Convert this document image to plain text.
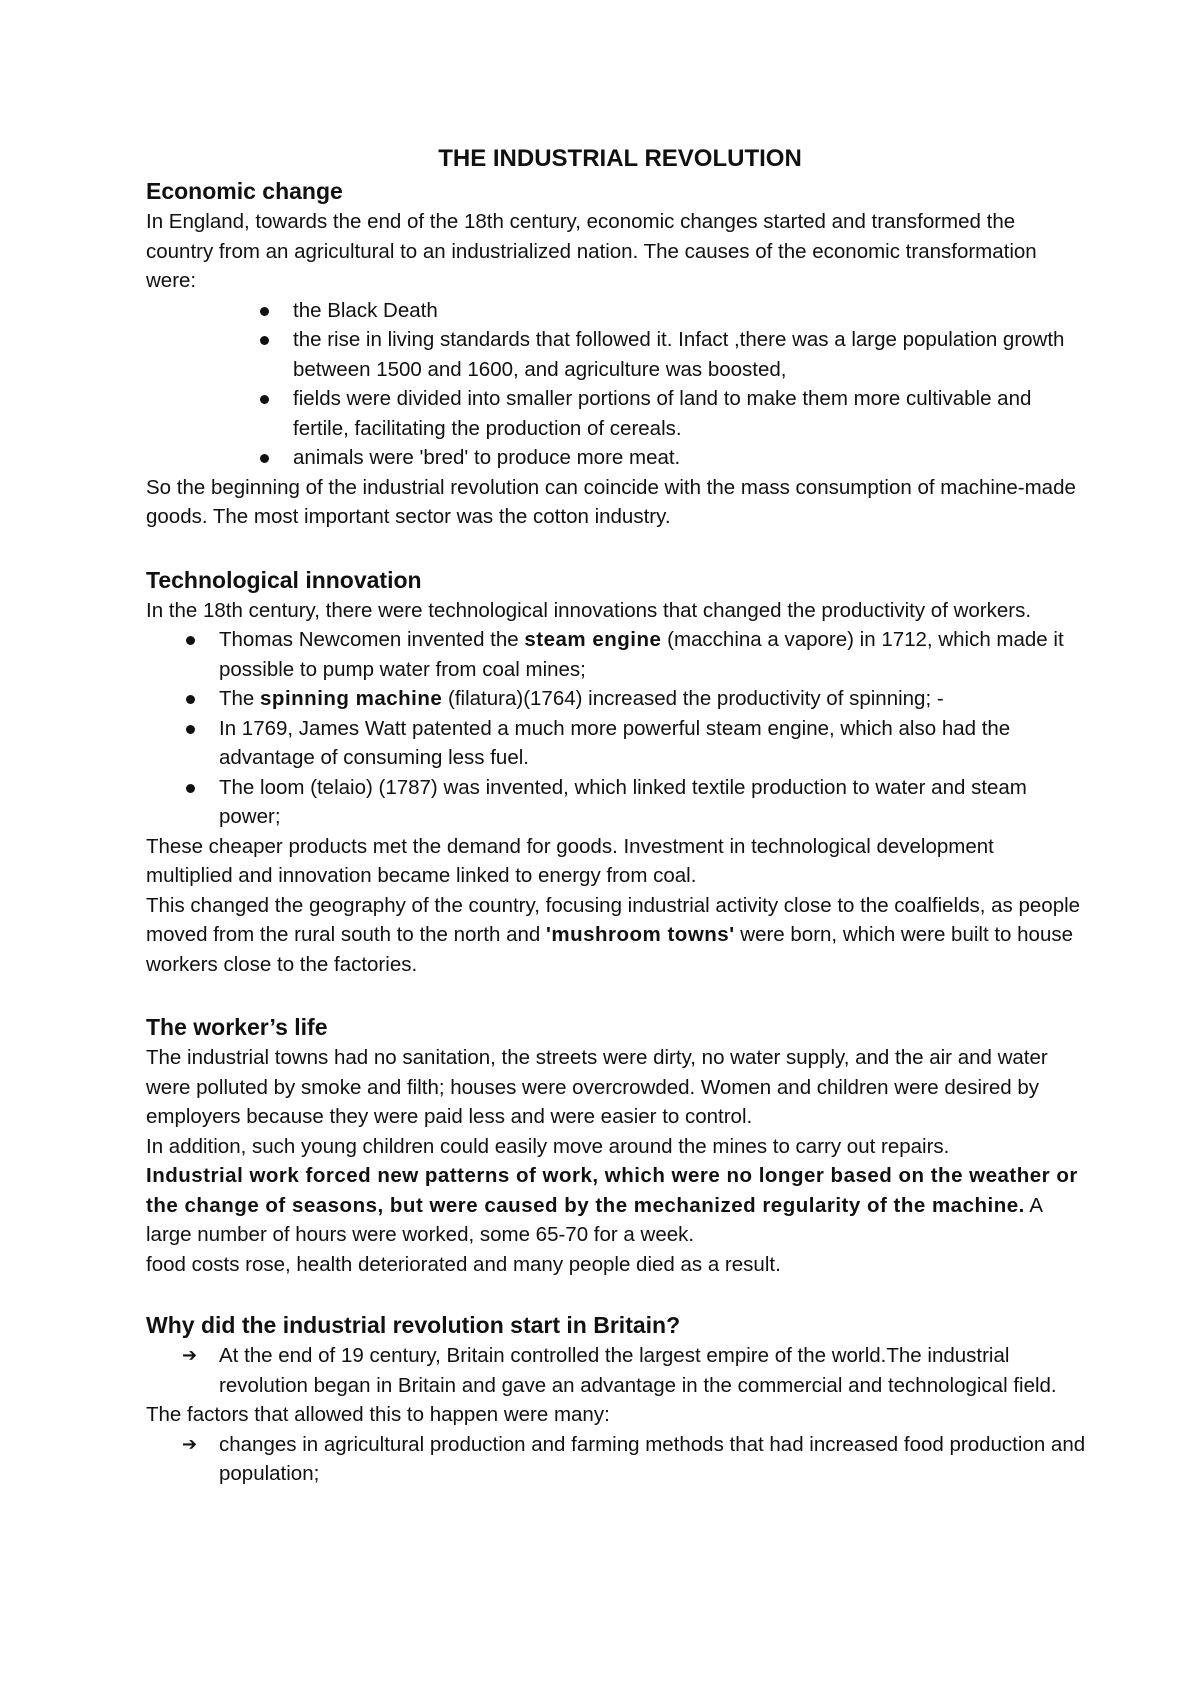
THE INDUSTRIAL REVOLUTION
Economic change

In England, towards the end of the 18th century, economic changes started and transformed the country from an agricultural to an industrialized nation. The causes of the economic transformation were:

the Black Death
the rise in living standards that followed it. Infact ,there was a large population growth between 1500 and 1600, and agriculture was boosted,
fields were divided into smaller portions of land to make them more cultivable and fertile, facilitating the production of cereals.
animals were 'bred' to produce more meat.

So the beginning of the industrial revolution can coincide with the mass consumption of machine-made goods. The most important sector was the cotton industry.

Technological innovation

In the 18th century, there were technological innovations that changed the productivity of workers.

Thomas Newcomen invented the steam engine (macchina a vapore) in 1712, which made it possible to pump water from coal mines;
The spinning machine (filatura)(1764) increased the productivity of spinning; -
In 1769, James Watt patented a much more powerful steam engine, which also had the advantage of consuming less fuel.
The loom (telaio) (1787) was invented, which linked textile production to water and steam power;

These cheaper products met the demand for goods. Investment in technological development multiplied and innovation became linked to energy from coal.

This changed the geography of the country, focusing industrial activity close to the coalfields, as people moved from the rural south to the north and 'mushroom towns' were born, which were built to house workers close to the factories.

The worker’s life

The industrial towns had no sanitation, the streets were dirty, no water supply, and the air and water were polluted by smoke and filth; houses were overcrowded. Women and children were desired by employers because they were paid less and were easier to control.

In addition, such young children could easily move around the mines to carry out repairs.

Industrial work forced new patterns of work, which were no longer based on the weather or the change of seasons, but were caused by the mechanized regularity of the machine. A large number of hours were worked, some 65-70 for a week.

food costs rose, health deteriorated and many people died as a result.

Why did the industrial revolution start in Britain?
➔ At the end of 19 century, Britain controlled the largest empire of the world.The industrial revolution began in Britain and gave an advantage in the commercial and technological field.

The factors that allowed this to happen were many:

➔ changes in agricultural production and farming methods that had increased food production and population;
